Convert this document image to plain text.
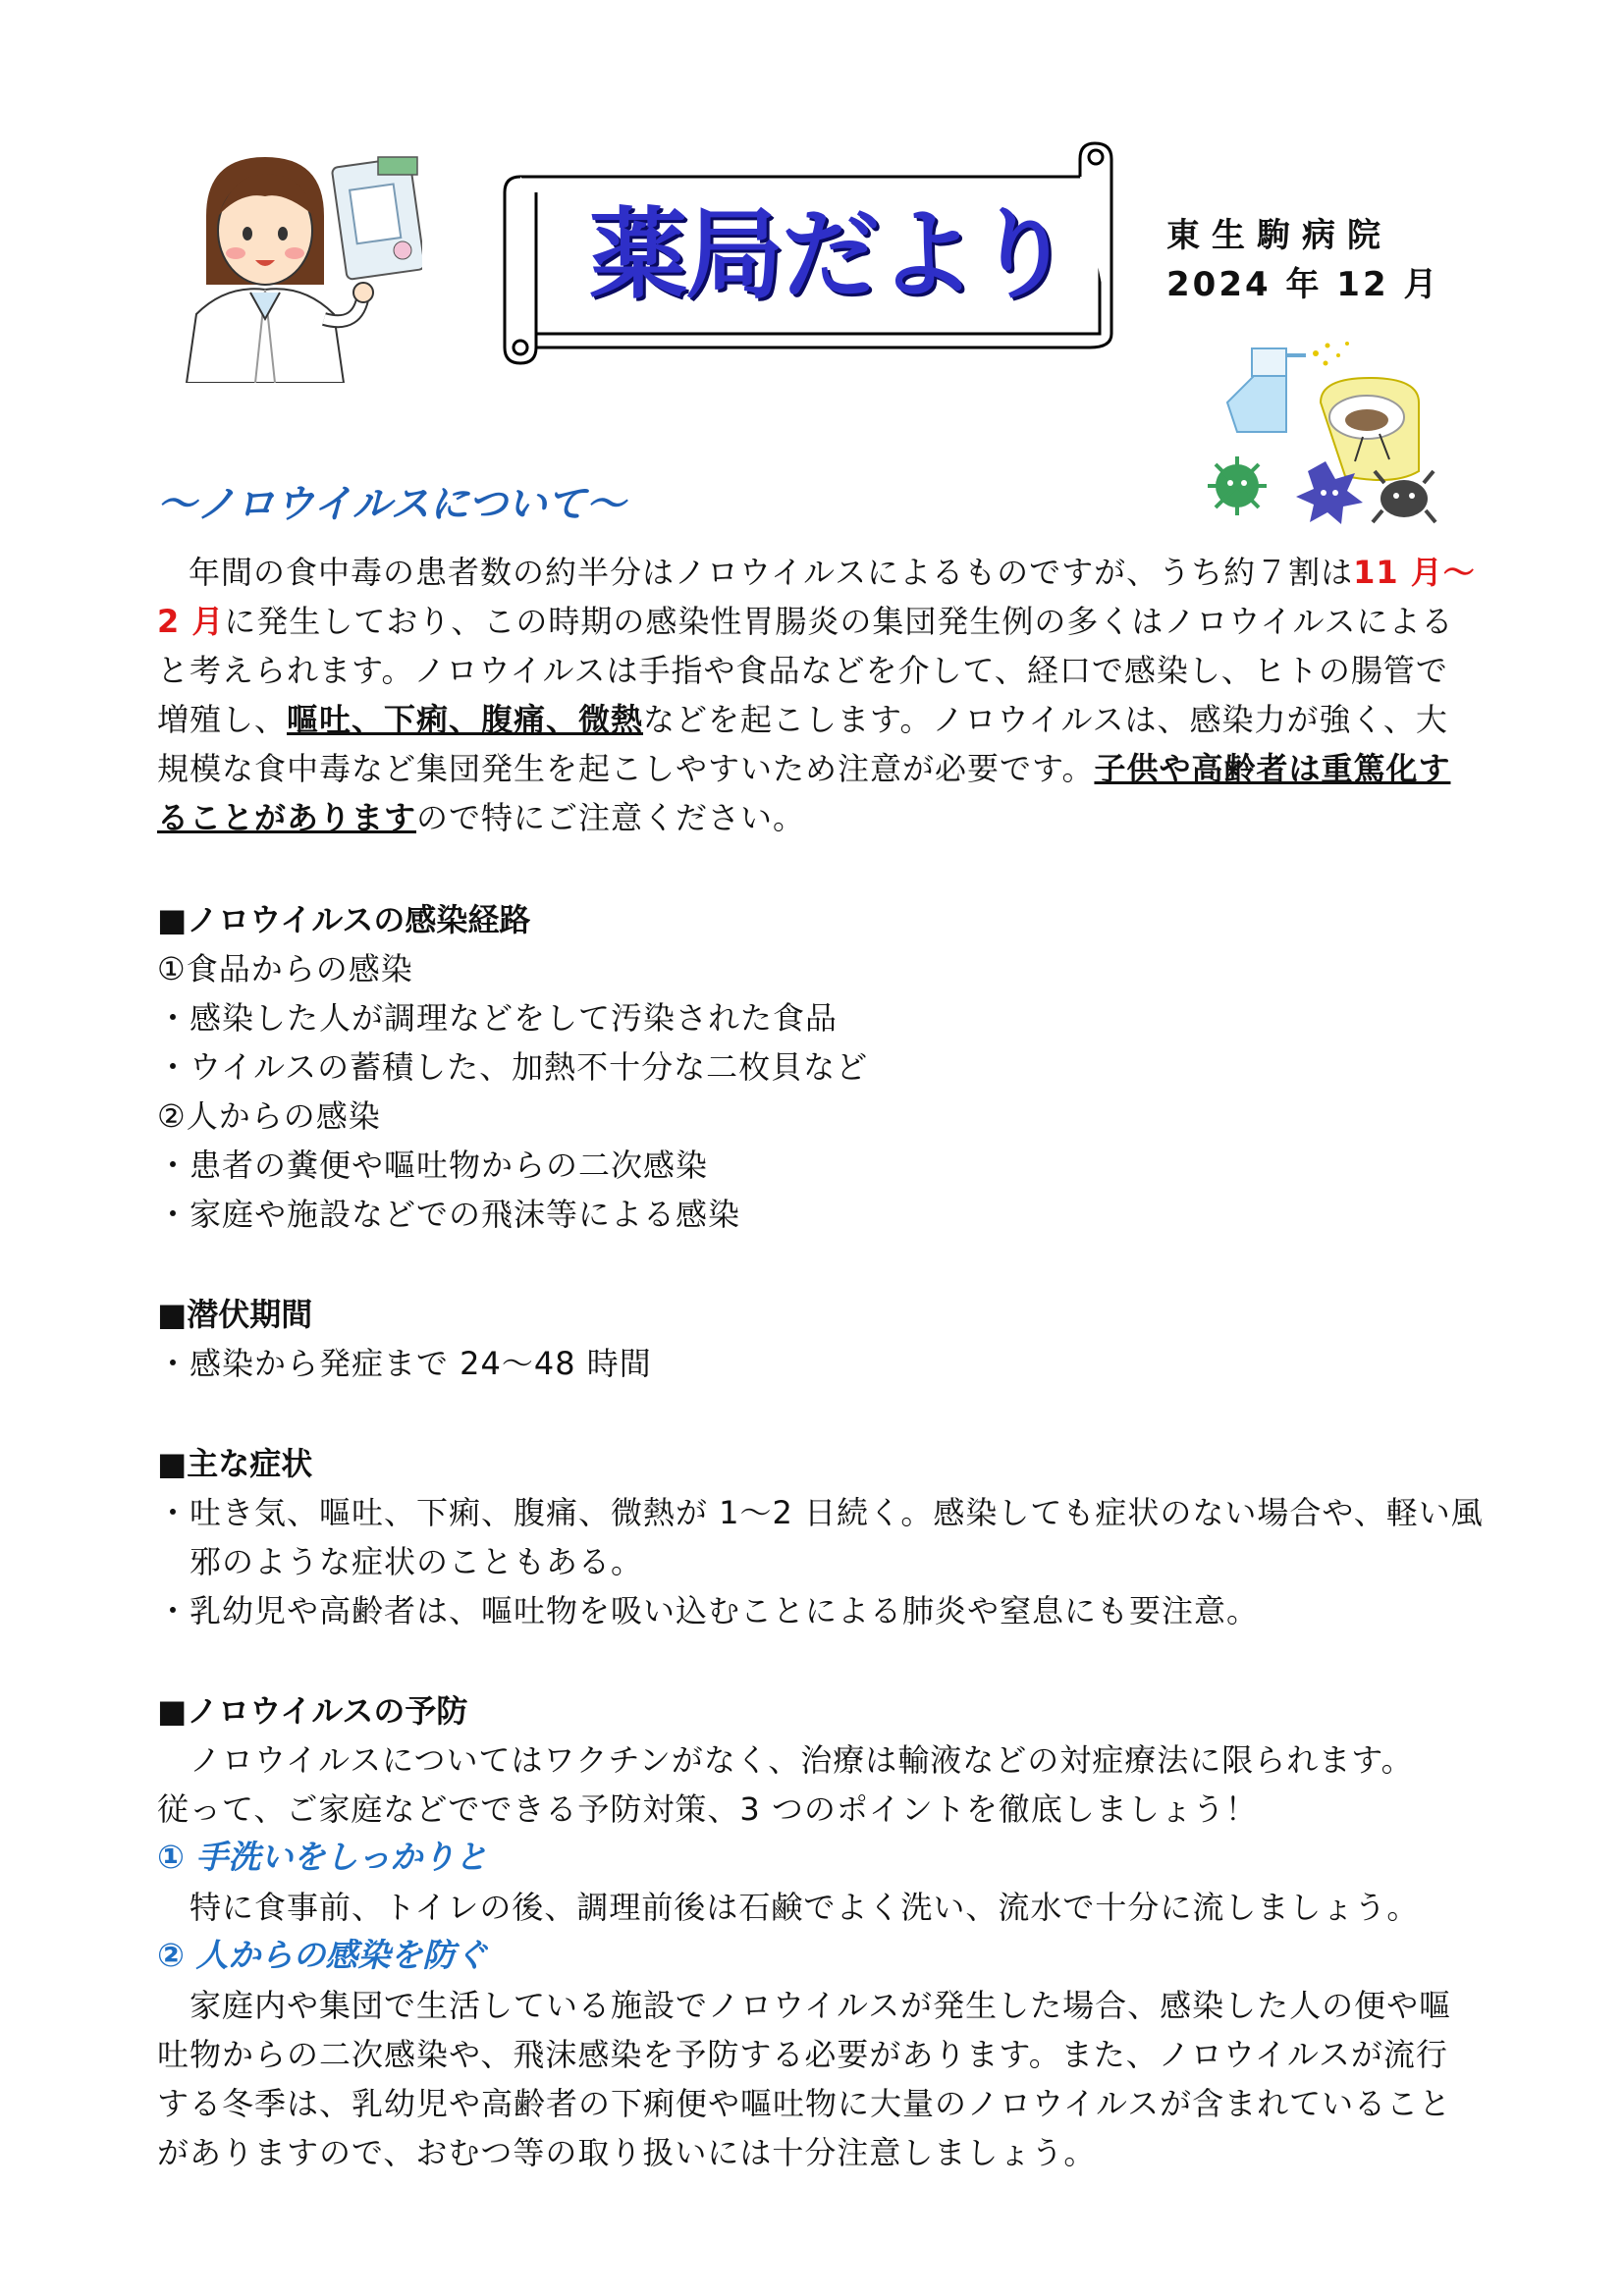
薬局だより	東生駒病院
2024 年 12 月
～ノロウイルスについて～
年間の食中毒の患者数の約半分はノロウイルスによるものですが、うち約７割は11 月～
2 月に発生しており、この時期の感染性胃腸炎の集団発生例の多くはノロウイルスによる
と考えられます。ノロウイルスは手指や食品などを介して、経口で感染し、ヒトの腸管で
増殖し、嘔吐、下痢、腹痛、微熱などを起こします。ノロウイルスは、感染力が強く、大
規模な食中毒など集団発生を起こしやすいため注意が必要です。子供や高齢者は重篤化す
ることがありますので特にご注意ください。
■ノロウイルスの感染経路
①食品からの感染
・感染した人が調理などをして汚染された食品
・ウイルスの蓄積した、加熱不十分な二枚貝など
②人からの感染
・患者の糞便や嘔吐物からの二次感染
・家庭や施設などでの飛沫等による感染
■潜伏期間
・感染から発症まで 24～48 時間
■主な症状
・吐き気、嘔吐、下痢、腹痛、微熱が 1～2 日続く。感染しても症状のない場合や、軽い風
　邪のような症状のこともある。
・乳幼児や高齢者は、嘔吐物を吸い込むことによる肺炎や窒息にも要注意。
■ノロウイルスの予防
　ノロウイルスについてはワクチンがなく、治療は輸液などの対症療法に限られます。
従って、ご家庭などでできる予防対策、3 つのポイントを徹底しましょう！
① 手洗いをしっかりと
　特に食事前、トイレの後、調理前後は石鹸でよく洗い、流水で十分に流しましょう。
② 人からの感染を防ぐ
　家庭内や集団で生活している施設でノロウイルスが発生した場合、感染した人の便や嘔
吐物からの二次感染や、飛沫感染を予防する必要があります。また、ノロウイルスが流行
する冬季は、乳幼児や高齢者の下痢便や嘔吐物に大量のノロウイルスが含まれていること
がありますので、おむつ等の取り扱いには十分注意しましょう。
